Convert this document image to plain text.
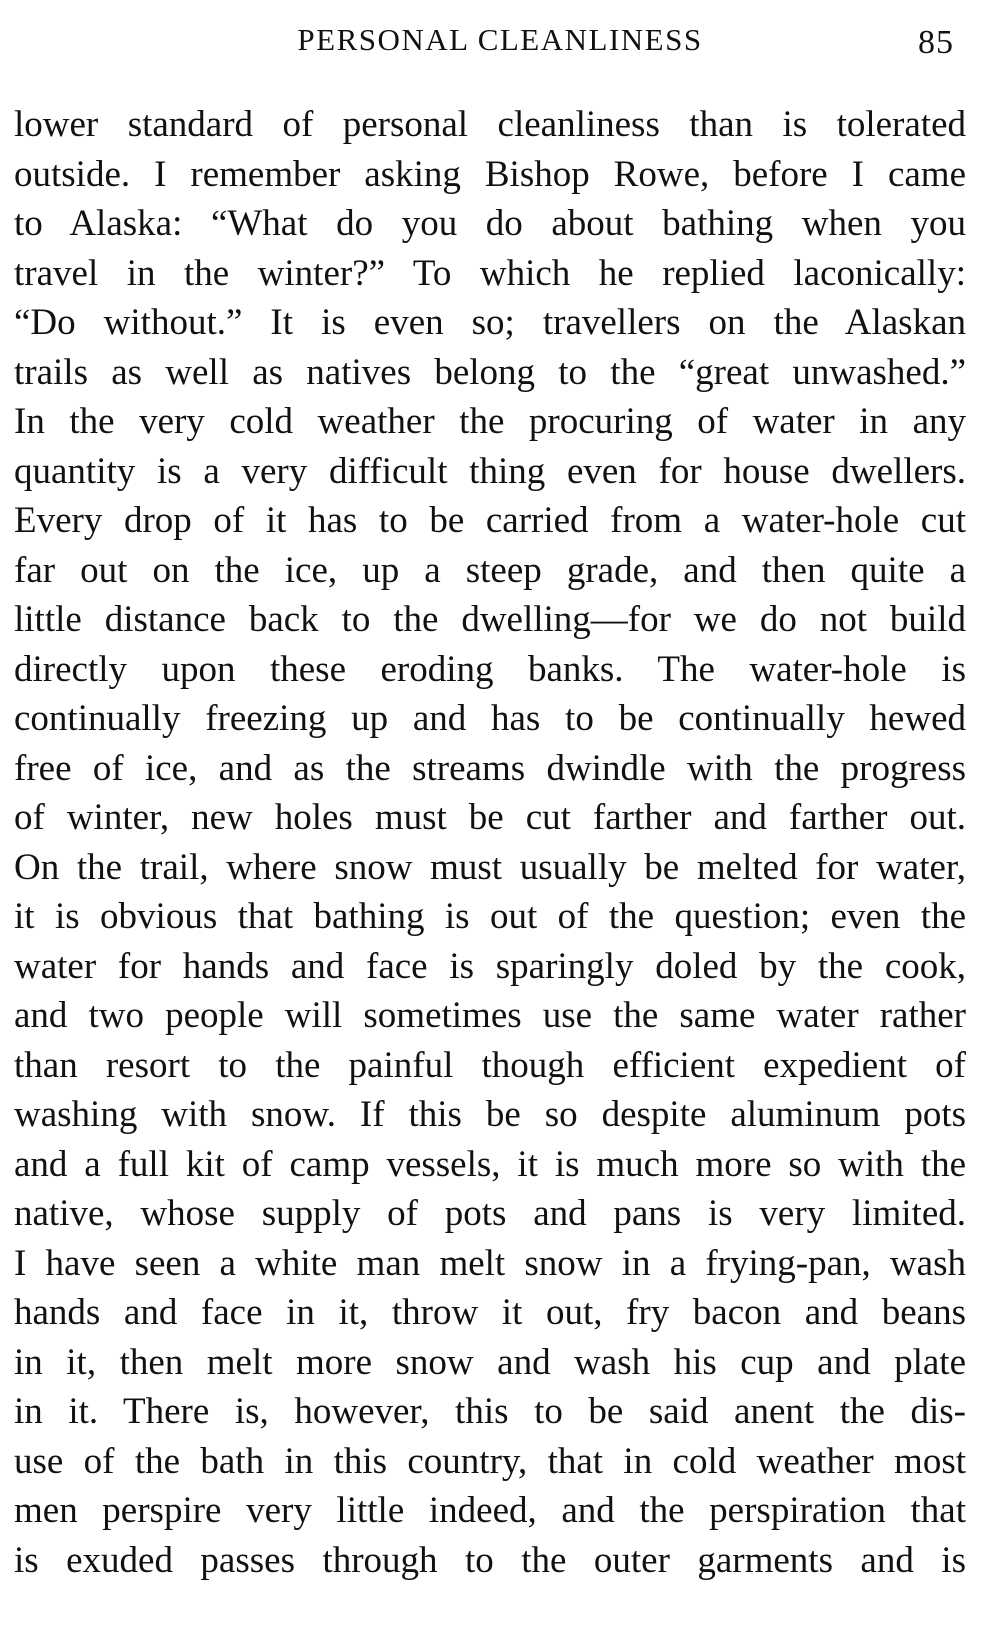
PERSONAL CLEANLINESS	85
lower standard of personal cleanliness than is tolerated
outside. I remember asking Bishop Rowe, before I came
to Alaska: “What do you do about bathing when you
travel in the winter?” To which he replied laconically:
“Do without.” It is even so; travellers on the Alaskan
trails as well as natives belong to the “great unwashed.”
In the very cold weather the procuring of water in any
quantity is a very difficult thing even for house dwellers.
Every drop of it has to be carried from a water-hole cut
far out on the ice, up a steep grade, and then quite a
little distance back to the dwelling—for we do not build
directly upon these eroding banks. The water-hole is
continually freezing up and has to be continually hewed
free of ice, and as the streams dwindle with the progress
of winter, new holes must be cut farther and farther out.
On the trail, where snow must usually be melted for water,
it is obvious that bathing is out of the question; even the
water for hands and face is sparingly doled by the cook,
and two people will sometimes use the same water rather
than resort to the painful though efficient expedient of
washing with snow. If this be so despite aluminum pots
and a full kit of camp vessels, it is much more so with the
native, whose supply of pots and pans is very limited.
I have seen a white man melt snow in a frying-pan, wash
hands and face in it, throw it out, fry bacon and beans
in it, then melt more snow and wash his cup and plate
in it. There is, however, this to be said anent the dis-
use of the bath in this country, that in cold weather most
men perspire very little indeed, and the perspiration that
is exuded passes through to the outer garments and is
